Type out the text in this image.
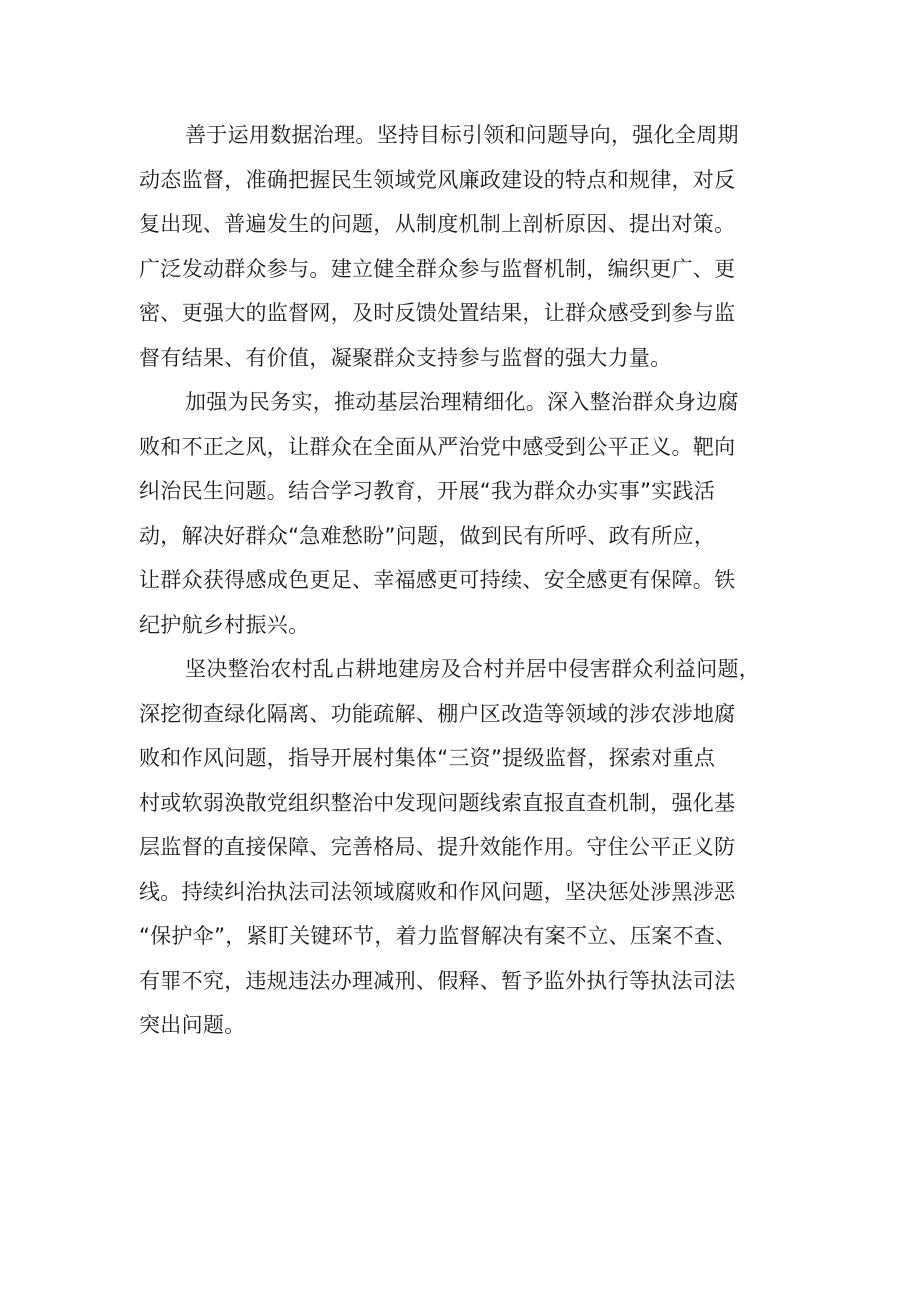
善于运用数据治理。坚持目标引领和问题导向，强化全周期
动态监督，准确把握民生领域党风廉政建设的特点和规律，对反
复出现、普遍发生的问题，从制度机制上剖析原因、提出对策。
广泛发动群众参与。建立健全群众参与监督机制，编织更广、更
密、更强大的监督网，及时反馈处置结果，让群众感受到参与监
督有结果、有价值，凝聚群众支持参与监督的强大力量。
加强为民务实，推动基层治理精细化。深入整治群众身边腐
败和不正之风，让群众在全面从严治党中感受到公平正义。靶向
纠治民生问题。结合学习教育，开展“我为群众办实事”实践活
动，解决好群众“急难愁盼”问题，做到民有所呼、政有所应，
让群众获得感成色更足、幸福感更可持续、安全感更有保障。铁
纪护航乡村振兴。
坚决整治农村乱占耕地建房及合村并居中侵害群众利益问题，
深挖彻查绿化隔离、功能疏解、棚户区改造等领域的涉农涉地腐
败和作风问题，指导开展村集体“三资”提级监督，探索对重点
村或软弱涣散党组织整治中发现问题线索直报直查机制，强化基
层监督的直接保障、完善格局、提升效能作用。守住公平正义防
线。持续纠治执法司法领域腐败和作风问题，坚决惩处涉黑涉恶
“保护伞”，紧盯关键环节，着力监督解决有案不立、压案不查、
有罪不究，违规违法办理减刑、假释、暂予监外执行等执法司法
突出问题。
